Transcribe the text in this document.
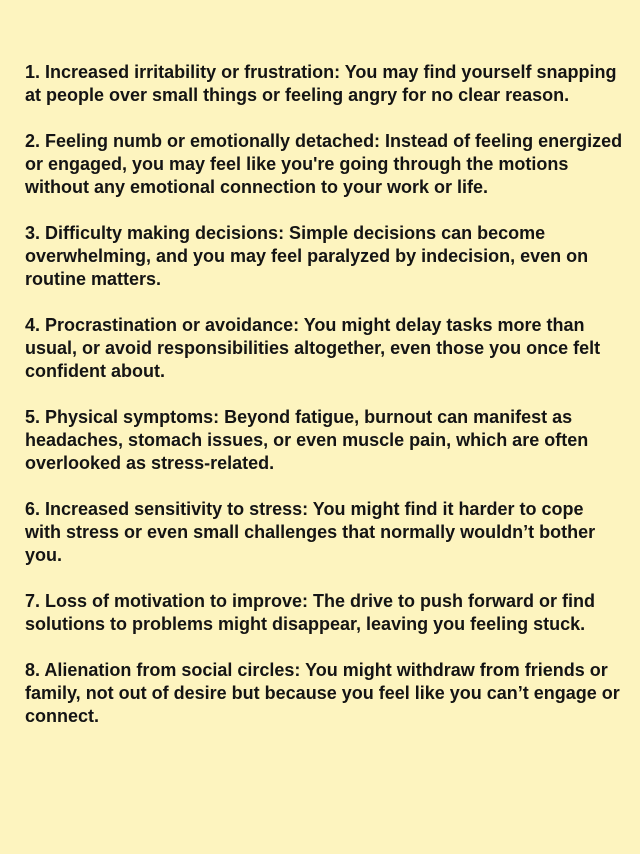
1. Increased irritability or frustration: You may find yourself snapping at people over small things or feeling angry for no clear reason.

2. Feeling numb or emotionally detached: Instead of feeling energized or engaged, you may feel like you're going through the motions without any emotional connection to your work or life.

3. Difficulty making decisions: Simple decisions can become overwhelming, and you may feel paralyzed by indecision, even on routine matters.

4. Procrastination or avoidance: You might delay tasks more than usual, or avoid responsibilities altogether, even those you once felt confident about.

5. Physical symptoms: Beyond fatigue, burnout can manifest as headaches, stomach issues, or even muscle pain, which are often overlooked as stress-related.

6. Increased sensitivity to stress: You might find it harder to cope with stress or even small challenges that normally wouldn’t bother you.

7. Loss of motivation to improve: The drive to push forward or find solutions to problems might disappear, leaving you feeling stuck.

8. Alienation from social circles: You might withdraw from friends or family, not out of desire but because you feel like you can’t engage or connect.
